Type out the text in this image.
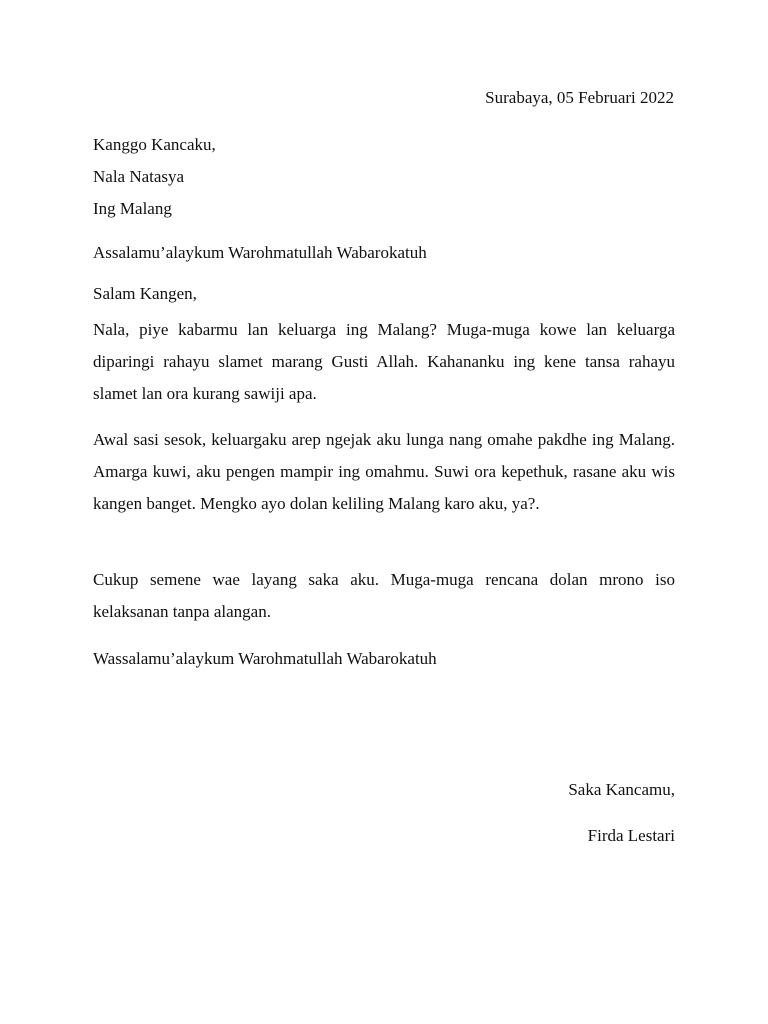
Surabaya, 05 Februari 2022

Kanggo Kancaku,

Nala Natasya

Ing Malang

Assalamu’alaykum Warohmatullah Wabarokatuh

Salam Kangen,

Nala, piye kabarmu lan keluarga ing Malang? Muga-muga kowe lan keluarga diparingi rahayu slamet marang Gusti Allah. Kahananku ing kene tansa rahayu slamet lan ora kurang sawiji apa.

Awal sasi sesok, keluargaku arep ngejak aku lunga nang omahe pakdhe ing Malang. Amarga kuwi, aku pengen mampir ing omahmu. Suwi ora kepethuk, rasane aku wis kangen banget. Mengko ayo dolan keliling Malang karo aku, ya?.

Cukup semene wae layang saka aku. Muga-muga rencana dolan mrono iso kelaksanan tanpa alangan.

Wassalamu’alaykum Warohmatullah Wabarokatuh

Saka Kancamu,

Firda Lestari
